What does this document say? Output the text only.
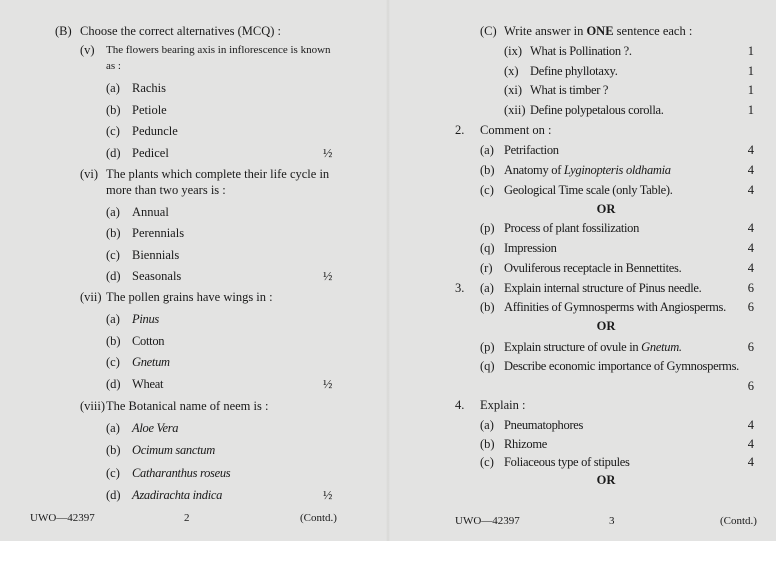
(B) Choose the correct alternatives (MCQ) :
(v) The flowers bearing axis in inflorescence is known
as :
(a) Rachis
(b) Petiole
(c) Peduncle
(d) Pedicel	½
(vi) The plants which complete their life cycle in
more than two years is :
(a) Annual
(b) Perennials
(c) Biennials
(d) Seasonals	½
(vii) The pollen grains have wings in :
(a) Pinus
(b) Cotton
(c) Gnetum
(d) Wheat	½
(viii) The Botanical name of neem is :
(a) Aloe Vera
(b) Ocimum sanctum
(c) Catharanthus roseus
(d) Azadirachta indica	½
UWO—42397	2	(Contd.)
(C) Write answer in ONE sentence each :
(ix) What is Pollination ?.	1
(x) Define phyllotaxy.	1
(xi) What is timber ?	1
(xii) Define polypetalous corolla.	1
2. Comment on :
(a) Petrifaction	4
(b) Anatomy of Lyginopteris oldhamia	4
(c) Geological Time scale (only Table).	4
OR
(p) Process of plant fossilization	4
(q) Impression	4
(r) Ovuliferous receptacle in Bennettites.	4
3. (a) Explain internal structure of Pinus needle.	6
(b) Affinities of Gymnosperms with Angiosperms. 6
OR
(p) Explain structure of ovule in Gnetum.	6
(q) Describe economic importance of Gymnosperms.
6
4. Explain :
(a) Pneumatophores	4
(b) Rhizome	4
(c) Foliaceous type of stipules	4
OR
UWO—42397	3	(Contd.)
